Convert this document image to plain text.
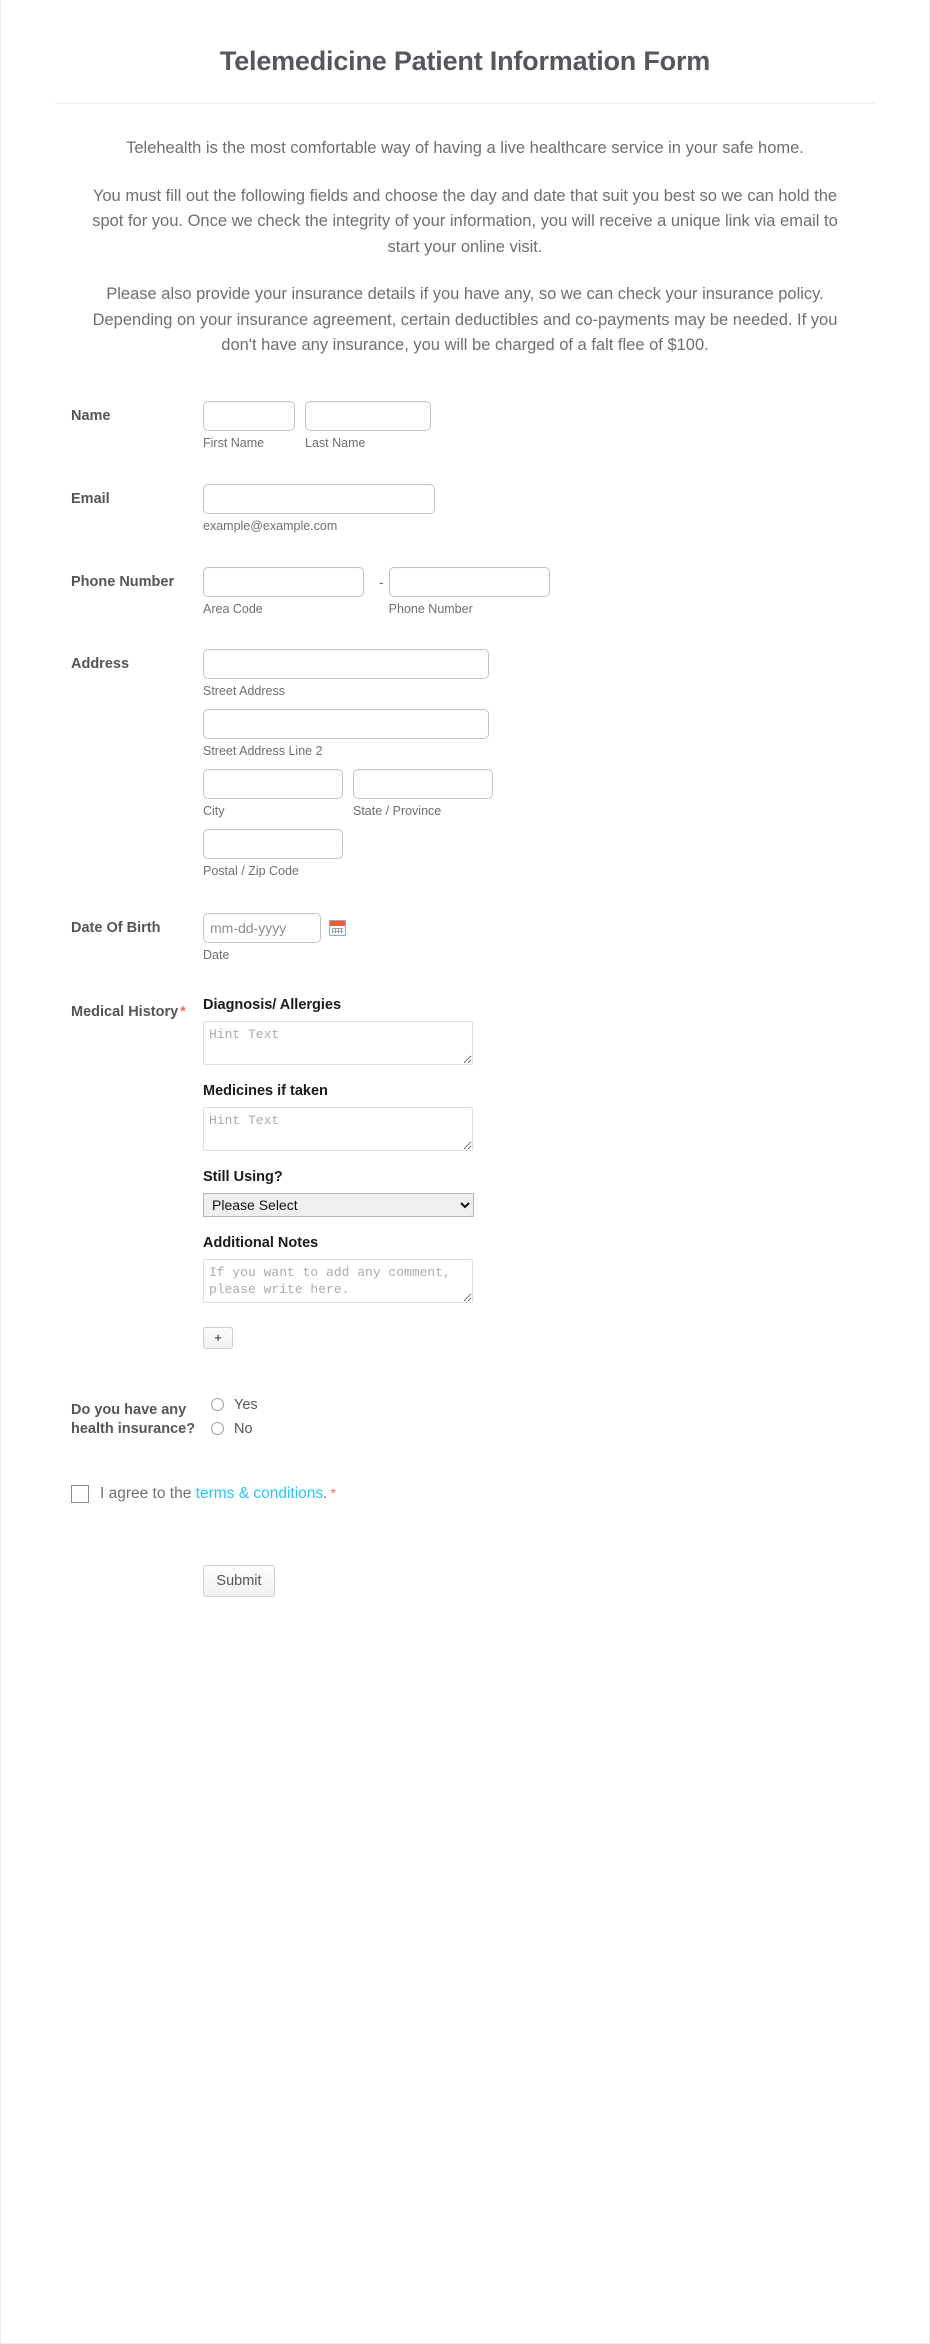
Telemedicine Patient Information Form

Telehealth is the most comfortable way of having a live healthcare service in your safe home.

You must fill out the following fields and choose the day and date that suit you best so we can hold the spot for you. Once we check the integrity of your information, you will receive a unique link via email to start your online visit.

Please also provide your insurance details if you have any, so we can check your insurance policy. Depending on your insurance agreement, certain deductibles and co-payments may be needed. If you don't have any insurance, you will be charged of a falt flee of $100.

Name
First Name	Last Name
Email
example@example.com
Phone Number
Area Code
-
Phone Number
Address
Street Address
Street Address Line 2
City	State / Province
Postal / Zip Code
Date Of Birth
mm-dd-yyyy
Date
Medical History *	Diagnosis/ Allergies
Hint Text
Medicines if taken
Hint Text
Still Using?
Please Select
Additional Notes
If you want to add any comment, please write here.
+
Do you have any health insurance?
Yes
No
I agree to the terms & conditions. *
Submit
